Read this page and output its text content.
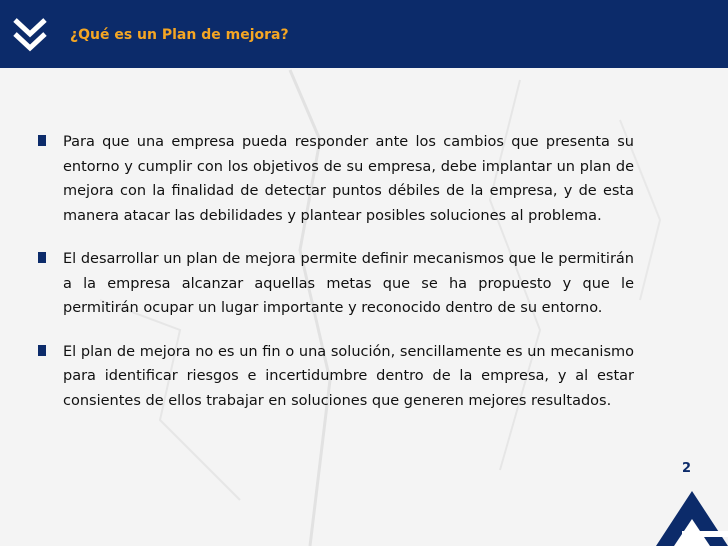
¿Qué es un Plan de mejora?

Para que una empresa pueda responder ante los cambios que presenta su entorno y cumplir con los objetivos de su empresa, debe implantar un plan de mejora con la finalidad de detectar puntos débiles de la empresa, y de esta manera atacar las debilidades y plantear posibles soluciones al problema.

El desarrollar un plan de mejora permite definir mecanismos que le permitirán a la empresa alcanzar aquellas metas que se ha propuesto y que le permitirán ocupar un lugar importante y reconocido dentro de su entorno.

El plan de mejora no es un fin o una solución, sencillamente es un mecanismo para identificar riesgos e incertidumbre dentro de la empresa, y al estar consientes de ellos trabajar en soluciones que generen mejores resultados.

2
